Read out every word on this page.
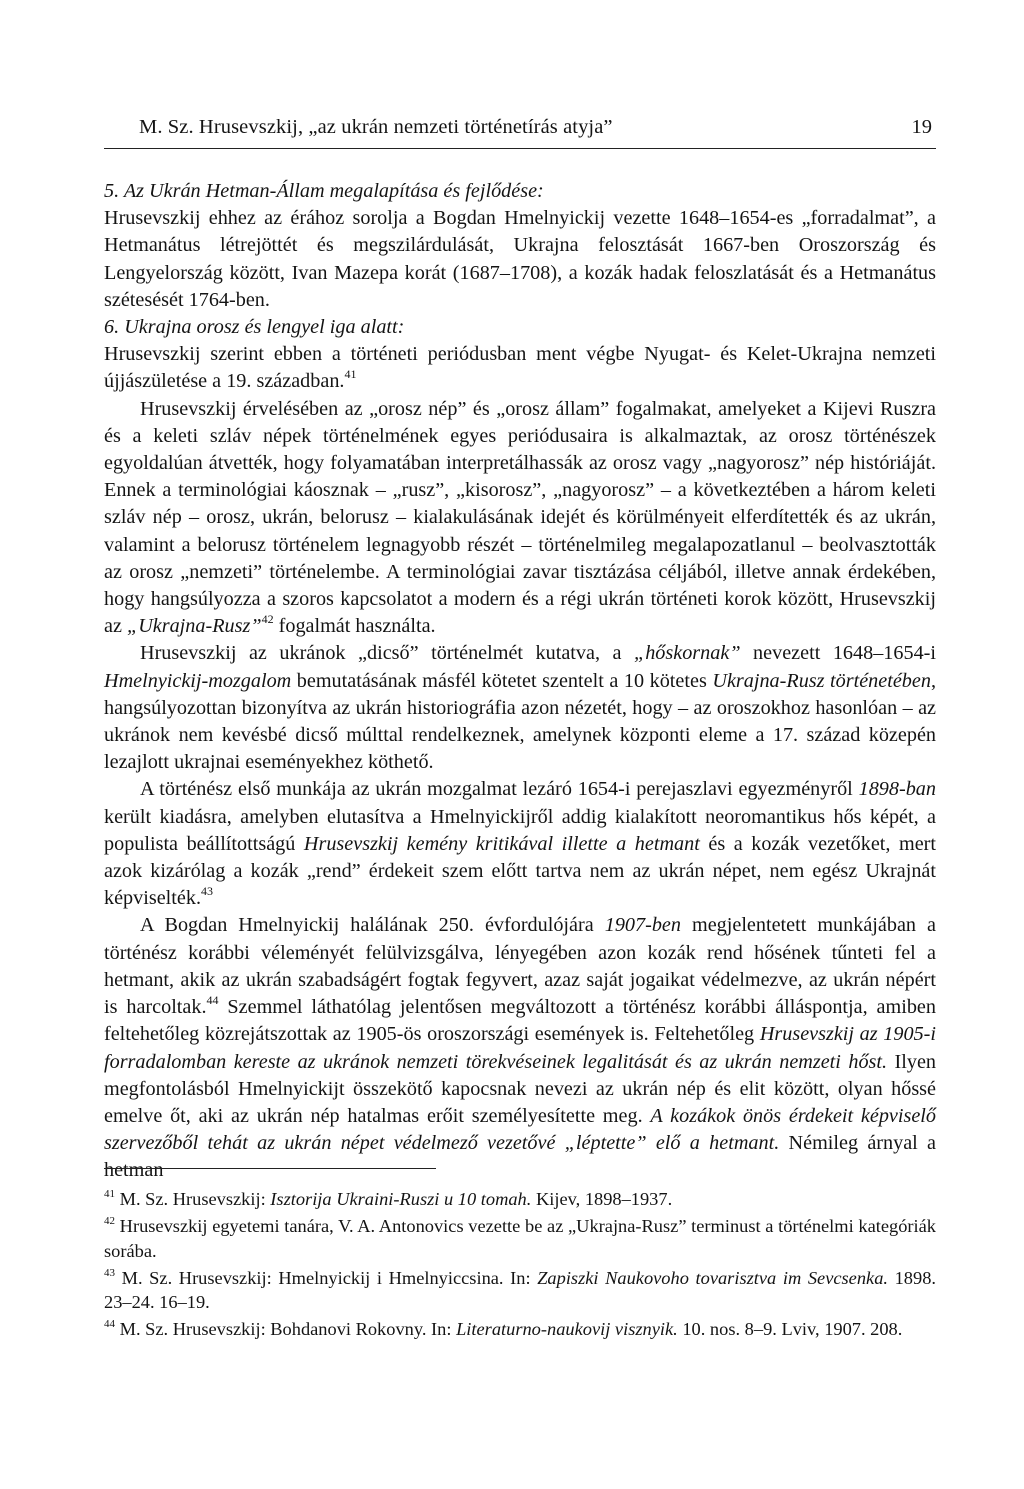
M. Sz. Hrusevszkij, „az ukrán nemzeti történetírás atyja”	19

5. Az Ukrán Hetman-Állam megalapítása és fejlődése:

Hrusevszkij ehhez az érához sorolja a Bogdan Hmelnyickij vezette 1648–1654-es „forradalmat”, a Hetmanátus létrejöttét és megszilárdulását, Ukrajna felosztását 1667-ben Oroszország és Lengyelország között, Ivan Mazepa korát (1687–1708), a kozák hadak feloszlatását és a Hetmanátus szétesését 1764-ben.

6. Ukrajna orosz és lengyel iga alatt:

Hrusevszkij szerint ebben a történeti periódusban ment végbe Nyugat- és Kelet-Ukrajna nemzeti újjászületése a 19. században.$^{41}$

Hrusevszkij érvelésében az „orosz nép” és „orosz állam” fogalmakat, amelyeket a Kijevi Ruszra és a keleti szláv népek történelmének egyes periódusaira is alkalmaztak, az orosz történészek egyoldalúan átvették, hogy folyamatában interpretálhassák az orosz vagy „nagyorosz” nép históriáját. Ennek a terminológiai káosznak – „rusz”, „kisorosz”, „nagyorosz” – a következtében a három keleti szláv nép – orosz, ukrán, belorusz – kialakulásának idejét és körülményeit elferdítették és az ukrán, valamint a belorusz történelem legnagyobb részét – történelmileg megalapozatlanul – beolvasztották az orosz „nemzeti” történelembe. A terminológiai zavar tisztázása céljából, illetve annak érdekében, hogy hangsúlyozza a szoros kapcsolatot a modern és a régi ukrán történeti korok között, Hrusevszkij az „Ukrajna-Rusz”$^{42}$ fogalmát használta.

Hrusevszkij az ukránok „dicső” történelmét kutatva, a „hőskornak” nevezett 1648–1654-i Hmelnyickij-mozgalom bemutatásának másfél kötetet szentelt a 10 kötetes Ukrajna-Rusz történetében, hangsúlyozottan bizonyítva az ukrán historiográfia azon nézetét, hogy – az oroszokhoz hasonlóan – az ukránok nem kevésbé dicső múlttal rendelkeznek, amelynek központi eleme a 17. század közepén lezajlott ukrajnai eseményekhez köthető.

A történész első munkája az ukrán mozgalmat lezáró 1654-i perejaszlavi egyezményről 1898-ban került kiadásra, amelyben elutasítva a Hmelnyickijről addig kialakított neoromantikus hős képét, a populista beállítottságú Hrusevszkij kemény kritikával illette a hetmant és a kozák vezetőket, mert azok kizárólag a kozák „rend” érdekeit szem előtt tartva nem az ukrán népet, nem egész Ukrajnát képviselték.$^{43}$

A Bogdan Hmelnyickij halálának 250. évfordulójára 1907-ben megjelentetett munkájában a történész korábbi véleményét felülvizsgálva, lényegében azon kozák rend hősének tűnteti fel a hetmant, akik az ukrán szabadságért fogtak fegyvert, azaz saját jogaikat védelmezve, az ukrán népért is harcoltak.$^{44}$ Szemmel láthatólag jelentősen megváltozott a történész korábbi álláspontja, amiben feltehetőleg közrejátszottak az 1905-ös oroszországi események is. Feltehetőleg Hrusevszkij az 1905-i forradalomban kereste az ukránok nemzeti törekvéseinek legalitását és az ukrán nemzeti hőst. Ilyen megfontolásból Hmelnyickijt összekötő kapocsnak nevezi az ukrán nép és elit között, olyan hőssé emelve őt, aki az ukrán nép hatalmas erőit személyesítette meg. A kozákok önös érdekeit képviselő szervezőből tehát az ukrán népet védelmező vezetővé „léptette” elő a hetmant. Némileg árnyal a hetman

$^{41}$ M. Sz. Hrusevszkij: Isztorija Ukraini-Ruszi u 10 tomah. Kijev, 1898–1937.

$^{42}$ Hrusevszkij egyetemi tanára, V. A. Antonovics vezette be az „Ukrajna-Rusz” terminust a történelmi kategóriák sorába.

$^{43}$ M. Sz. Hrusevszkij: Hmelnyickij i Hmelnyiccsina. In: Zapiszki Naukovoho tovarisztva im Sevcsenka. 1898. 23–24. 16–19.

$^{44}$ M. Sz. Hrusevszkij: Bohdanovi Rokovny. In: Literaturno-naukovij visznyik. 10. nos. 8–9. Lviv, 1907. 208.
